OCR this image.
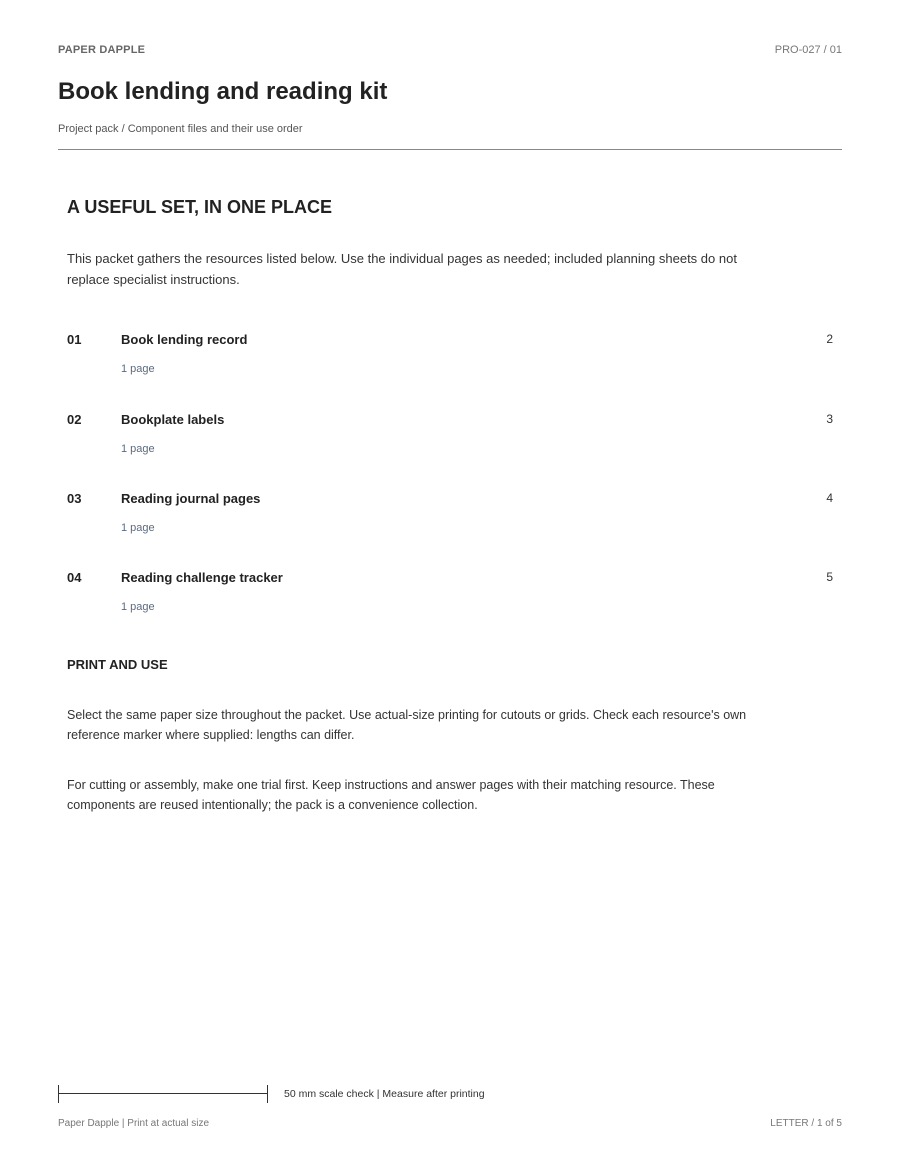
PAPER DAPPLE	PRO-027 / 01
Book lending and reading kit
Project pack / Component files and their use order
A USEFUL SET, IN ONE PLACE

This packet gathers the resources listed below. Use the individual pages as needed; included planning sheets do not replace specialist instructions.

01	Book lending record	2
1 page
02	Bookplate labels	3
1 page
03	Reading journal pages	4
1 page
04	Reading challenge tracker	5
1 page
PRINT AND USE

Select the same paper size throughout the packet. Use actual-size printing for cutouts or grids. Check each resource's own reference marker where supplied: lengths can differ.

For cutting or assembly, make one trial first. Keep instructions and answer pages with their matching resource. These components are reused intentionally; the pack is a convenience collection.

50 mm scale check | Measure after printing
Paper Dapple | Print at actual size	LETTER / 1 of 5
